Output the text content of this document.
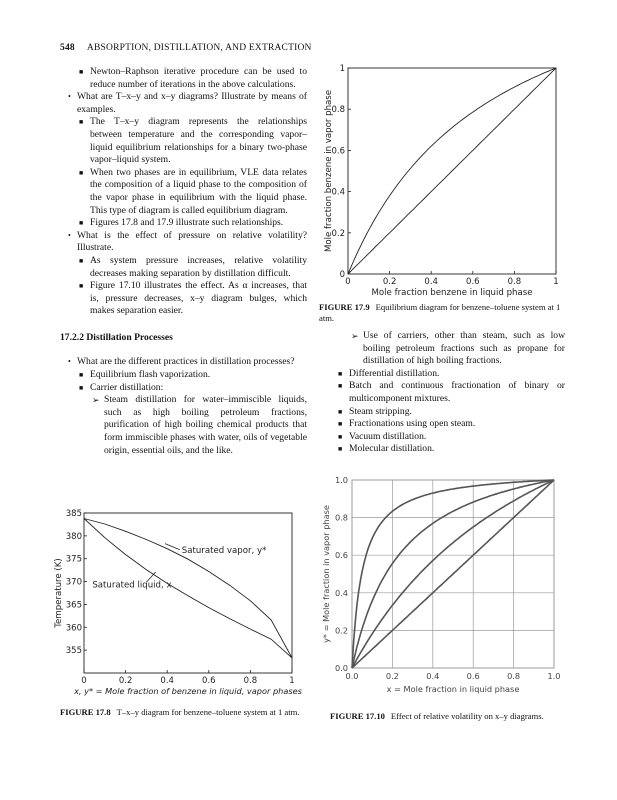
548 ABSORPTION, DISTILLATION, AND EXTRACTION
■ Newton–Raphson iterative procedure can be used to reduce number of iterations in the above calculations.
• What are T–x–y and x–y diagrams? Illustrate by means of examples.
■ The T–x–y diagram represents the relationships between temperature and the corresponding vapor–liquid equilibrium relationships for a binary two-phase vapor–liquid system.
■ When two phases are in equilibrium, VLE data relates the composition of a liquid phase to the composition of the vapor phase in equilibrium with the liquid phase. This type of diagram is called equilibrium diagram.
■ Figures 17.8 and 17.9 illustrate such relationships.
• What is the effect of pressure on relative volatility? Illustrate.
■ As system pressure increases, relative volatility decreases making separation by distillation difficult.
■ Figure 17.10 illustrates the effect. As α increases, that is, pressure decreases, x–y diagram bulges, which makes separation easier.

17.2.2 Distillation Processes

• What are the different practices in distillation processes?
■ Equilibrium flash vaporization.
■ Carrier distillation:
➢ Steam distillation for water–immiscible liquids, such as high boiling petroleum fractions, purification of high boiling chemical products that form immiscible phases with water, oils of vegetable origin, essential oils, and the like.
➢ Use of carriers, other than steam, such as low boiling petroleum fractions such as propane for distillation of high boiling fractions.
■ Differential distillation.
■ Batch and continuous fractionation of binary or multicomponent mixtures.
■ Steam stripping.
■ Fractionations using open steam.
■ Vacuum distillation.
■ Molecular distillation.
0	0.2	0.4	0.6	0.8	1
0
0.2
0.4
0.6
0.8
1
Mole fraction benzene in liquid phase
Mole fraction benzene in vapor phase
FIGURE 17.9 Equilibrium diagram for benzene–toluene system at 1 atm.
0	0.2	0.4	0.6	0.8	1
355
360
365
370
375
380
385
x, y* = Mole fraction of benzene in liquid, vapor phases
Temperature (K)
Saturated vapor, y*
Saturated liquid, x
FIGURE 17.8 T–x–y diagram for benzene–toluene system at 1 atm.
0.0	0.2	0.4	0.6	0.8	1.0
0.0
0.2
0.4
0.6
0.8
1.0
x = Mole fraction in liquid phase
y* = Mole fraction in vapor phase
FIGURE 17.10 Effect of relative volatility on x–y diagrams.
